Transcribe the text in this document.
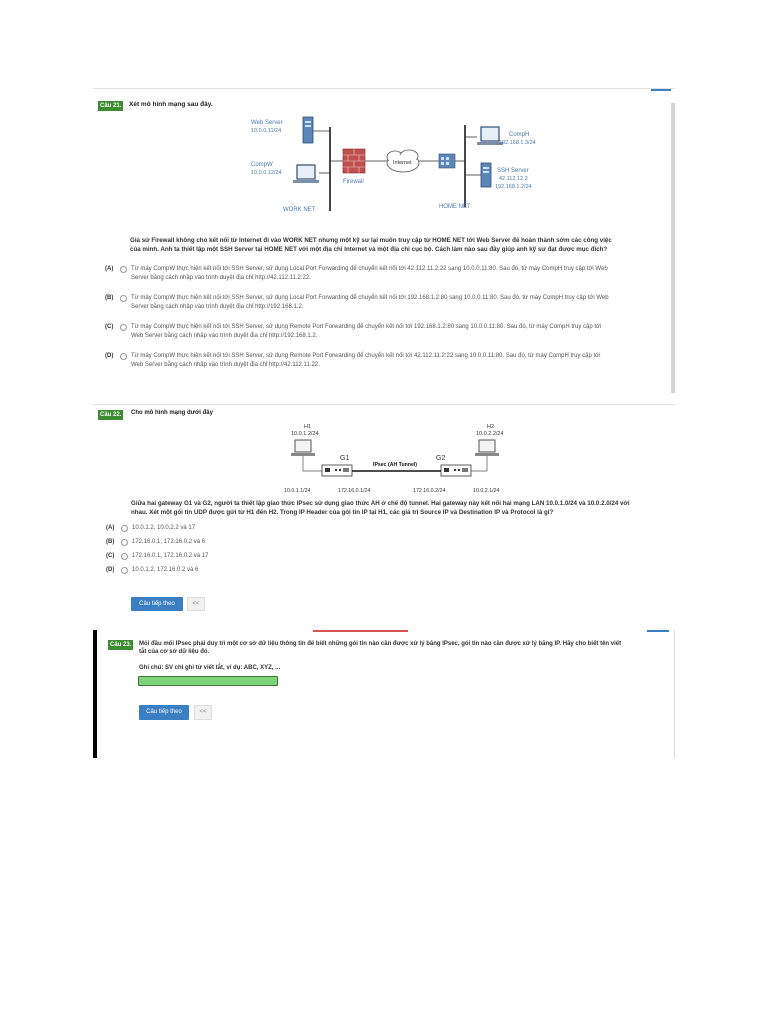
Câu 21.	Xét mô hình mạng sau đây.
Web Server
10.0.0.11/24
CompW
10.0.0.12/24
Firewall
Internet
CompH
192.168.1.3/24
SSH Server
42.112.12.2
192.168.1.2/24
WORK NET	HOME NET
Giả sử Firewall không cho kết nối từ Internet đi vào WORK NET nhưng một kỹ sư lại muốn truy cập từ HOME NET tới Web Server để hoàn thành sớm các công việc
của mình. Anh ta thiết lập một SSH Server tại HOME NET với một địa chỉ Internet và một địa chỉ cục bộ. Cách làm nào sau đây giúp anh kỹ sư đạt được mục đích?
(A)	Từ máy CompW thực hiện kết nối tới SSH Server, sử dụng Local Port Forwarding để chuyển kết nối tới 42.112.11.2:22 sang 10.0.0.11:80. Sau đó, từ máy CompH truy cập tới Web
Server bằng cách nhập vào trình duyệt địa chỉ http://42.112.11.2:22.
(B)	Từ máy CompW thực hiện kết nối tới SSH Server, sử dụng Local Port Forwarding để chuyển kết nối tới 192.168.1.2:80 sang 10.0.0.11:80. Sau đó, từ máy CompH truy cập tới Web
Server bằng cách nhập vào trình duyệt địa chỉ http://192.168.1.2.
(C)	Từ máy CompW thực hiện kết nối tới SSH Server, sử dụng Remote Port Forwarding để chuyển kết nối tới 192.168.1.2:80 sang 10.0.0.11:80. Sau đó, từ máy CompH truy cập tới
Web Server bằng cách nhập vào trình duyệt địa chỉ http://192.168.1.2.
(D)	Từ máy CompW thực hiện kết nối tới SSH Server, sử dụng Remote Port Forwarding để chuyển kết nối tới 42.112.11.2:22 sang 10.0.0.11:80. Sau đó, từ máy CompH truy cập tới
Web Server bằng cách nhập vào trình duyệt địa chỉ http://42.112.11.22.
Câu 22.	Cho mô hình mạng dưới đây
H1
10.0.1.2/24
H2
10.0.2.2/24
G1	G2
IPsec (AH Tunnel)
10.0.1.1/24	172.16.0.1/24	172.16.0.2/24	10.0.2.1/24
Giữa hai gateway G1 và G2, người ta thiết lập giao thức IPsec sử dụng giao thức AH ở chế độ tunnel. Hai gateway này kết nối hai mạng LAN 10.0.1.0/24 và 10.0.2.0/24 với
nhau. Xét một gói tin UDP được gửi từ H1 đến H2. Trong IP Header của gói tin IP tại H1, các giá trị Source IP và Destination IP và Protocol là gì?
(A)	10.0.1.2, 10.0.2.2 và 17
(B)	172.16.0.1, 172.16.0.2 và 6
(C)	172.16.0.1, 172.16.0.2 và 17
(D)	10.0.1.2, 172.16.0.2 và 6
Câu tiếp theo	<<
Câu 23.	Mỗi đầu mối IPsec phải duy trì một cơ sở dữ liệu thông tin để biết những gói tin nào cần được xử lý bằng IPsec, gói tin nào cần được xử lý bằng IP. Hãy cho biết tên viết
tắt của cơ sở dữ liệu đó.
Ghi chú: SV chỉ ghi từ viết tắt, ví dụ: ABC, XYZ, ...
Câu tiếp theo	<<
